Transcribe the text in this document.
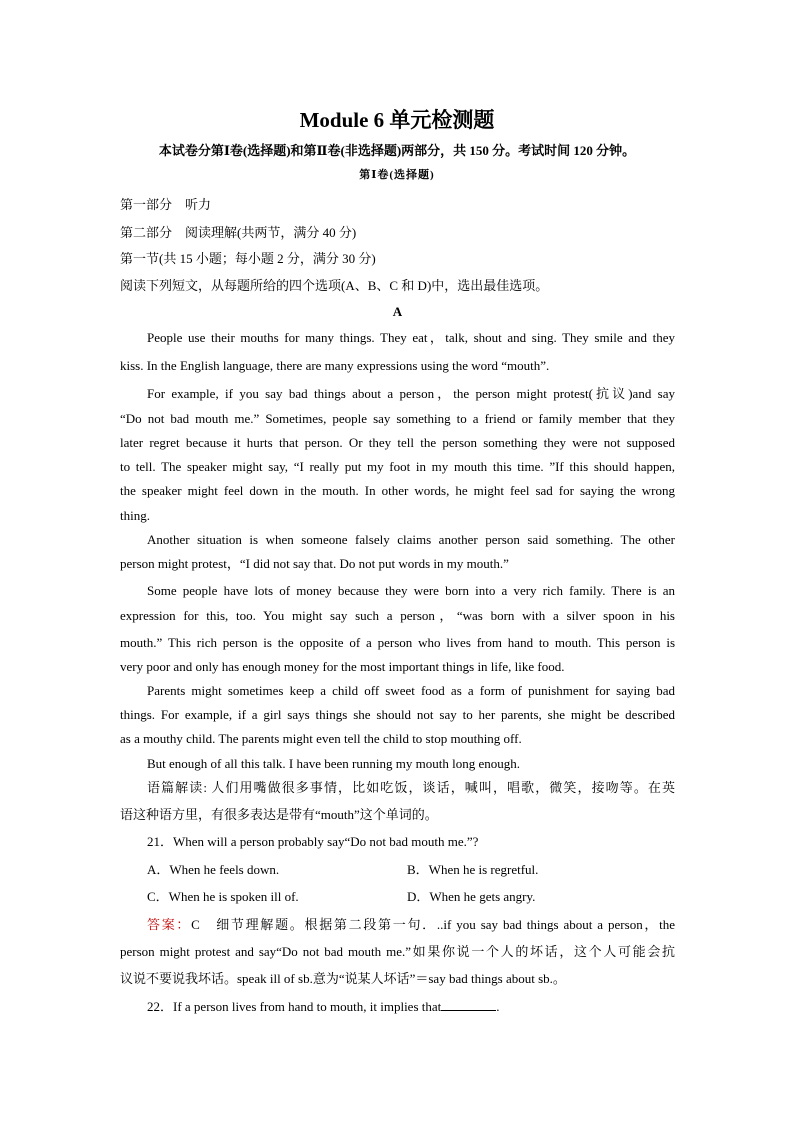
Module 6 单元检测题
本试卷分第Ⅰ卷(选择题)和第Ⅱ卷(非选择题)两部分，共 150 分。考试时间 120 分钟。
第Ⅰ卷(选择题)
第一部分　听力
第二部分　阅读理解(共两节，满分 40 分)
第一节(共 15 小题；每小题 2 分，满分 30 分)
阅读下列短文，从每题所给的四个选项(A、B、C 和 D)中，选出最佳选项。
A
People use their mouths for many things. They eat，talk, shout and sing. They smile and they
kiss. In the English language, there are many expressions using the word “mouth”.
For example, if you say bad things about a person，the person might protest(抗议)and say
“Do not bad mouth me.” Sometimes, people say something to a friend or family member that they
later regret because it hurts that person. Or they tell the person something they were not supposed
to tell. The speaker might say, “I really put my foot in my mouth this time. ”If this should happen,
the speaker might feel down in the mouth. In other words, he might feel sad for saying the wrong
thing.
Another situation is when someone falsely claims another person said something. The other
person might protest，“I did not say that. Do not put words in my mouth.”
Some people have lots of money because they were born into a very rich family. There is an
expression for this, too. You might say such a person，“was born with a silver spoon in his
mouth.” This rich person is the opposite of a person who lives from hand to mouth. This person is
very poor and only has enough money for the most important things in life, like food.
Parents might sometimes keep a child off sweet food as a form of punishment for saying bad
things. For example, if a girl says things she should not say to her parents, she might be described
as a mouthy child. The parents might even tell the child to stop mouthing off.
But enough of all this talk. I have been running my mouth long enough.
语篇解读: 人们用嘴做很多事情，比如吃饭，谈话，喊叫，唱歌，微笑，接吻等。在英
语这种语方里，有很多表达是带有“mouth”这个单词的。
21．When will a person probably say“Do not bad mouth me.”?
A．When he feels down.	B．When he is regretful.
C．When he is spoken ill of.	D．When he gets angry.
答案：C　细节理解题。根据第二段第一句．..if you say bad things about a person，the
person might protest and say“Do not bad mouth me.”如果你说一个人的坏话，这个人可能会抗
议说不要说我坏话。speak ill of sb.意为“说某人坏话”＝say bad things about sb.。
22．If a person lives from hand to mouth, it implies that	.
